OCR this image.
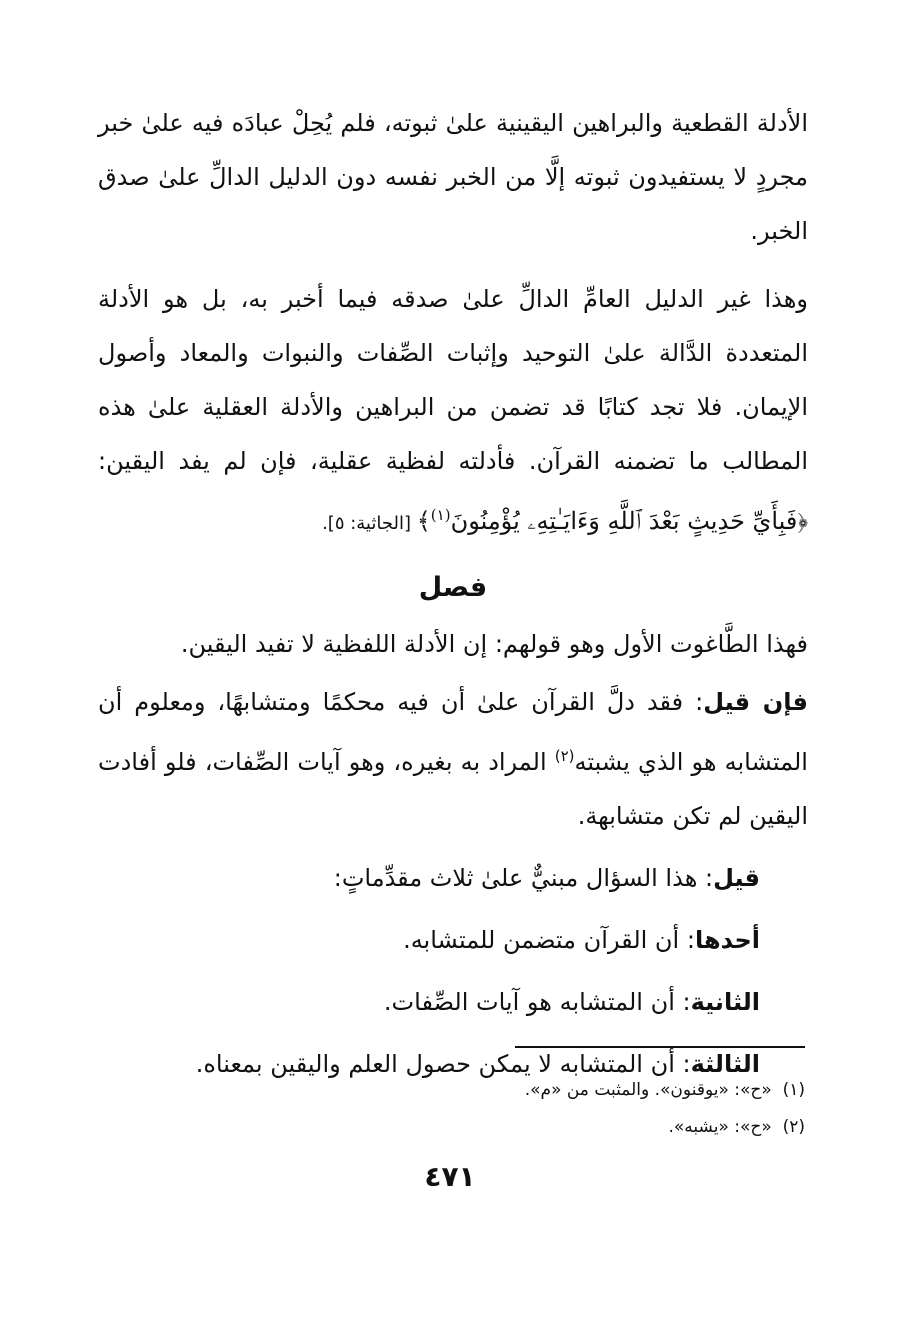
الأدلة القطعية والبراهين اليقينية علىٰ ثبوته، فلم يُحِلْ عبادَه فيه علىٰ خبر مجردٍ لا يستفيدون ثبوته إلَّا من الخبر نفسه دون الدليل الدالِّ علىٰ صدق الخبر.

وهذا غير الدليل العامِّ الدالِّ علىٰ صدقه فيما أخبر به، بل هو الأدلة المتعددة الدَّالة علىٰ التوحيد وإثبات الصِّفات والنبوات والمعاد وأصول الإيمان. فلا تجد كتابًا قد تضمن من البراهين والأدلة العقلية علىٰ هذه المطالب ما تضمنه القرآن. فأدلته لفظية عقلية، فإن لم يفد اليقين: ﴿فَبِأَيِّ حَدِيثٍ بَعْدَ ٱللَّهِ وَءَايَـٰتِهِۦ يُؤْمِنُونَ$^{(١)}$﴾ [الجاثية: ٥].

فصل

فهذا الطَّاغوت الأول وهو قولهم: إن الأدلة اللفظية لا تفيد اليقين.

فإن قيل: فقد دلَّ القرآن علىٰ أن فيه محكمًا ومتشابهًا، ومعلوم أن المتشابه هو الذي يشبته$^{(٢)}$ المراد به بغيره، وهو آيات الصِّفات، فلو أفادت اليقين لم تكن متشابهة.

قيل: هذا السؤال مبنيٌّ علىٰ ثلاث مقدِّماتٍ:

أحدها: أن القرآن متضمن للمتشابه.

الثانية: أن المتشابه هو آيات الصِّفات.

الثالثة: أن المتشابه لا يمكن حصول العلم واليقين بمعناه.

(١)  «ح»: «يوقنون». والمثبت من «م».
(٢)  «ح»: «يشبه».
٤٧١
